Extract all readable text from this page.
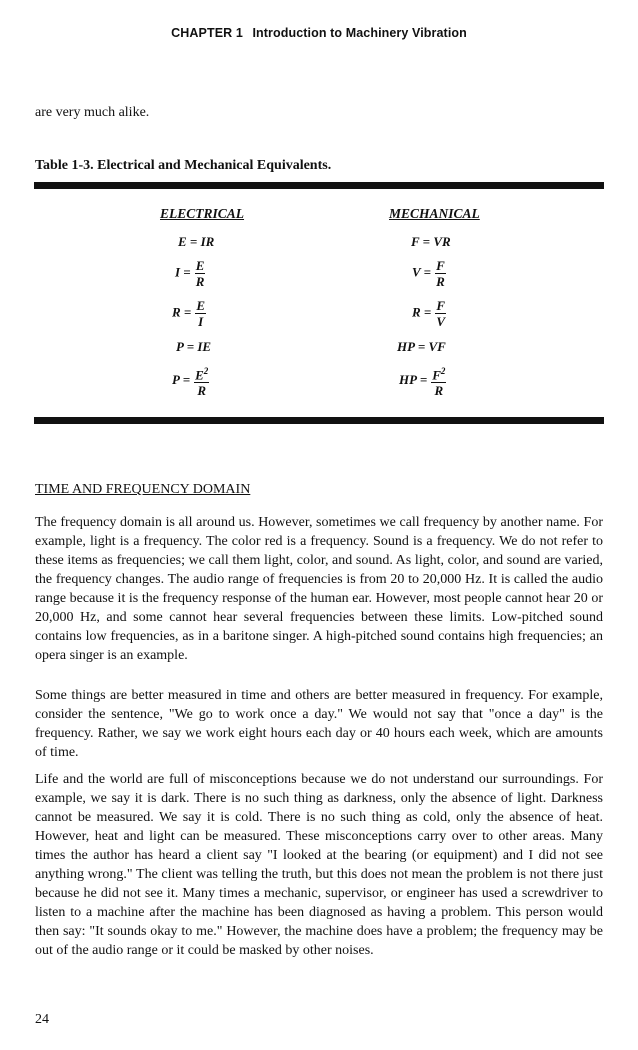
CHAPTER 1 Introduction to Machinery Vibration
are very much alike.
Table 1-3. Electrical and Mechanical Equivalents.
ELECTRICAL
E = IR
$I = \frac{E}{R}$
$R = \frac{E}{I}$
P = IE
$P = \frac{E^2}{R}$
MECHANICAL
F = VR
$V = \frac{F}{R}$
$R = \frac{F}{V}$
HP = VF
HP = $\frac{F^2}{R}$
TIME AND FREQUENCY DOMAIN
The frequency domain is all around us. However, sometimes we call frequency by another name. For example, light is a frequency. The color red is a frequency. Sound is a frequency. We do not refer to these items as frequencies; we call them light, color, and sound. As light, color, and sound are varied, the frequency changes. The audio range of frequencies is from 20 to 20,000 Hz. It is called the audio range because it is the frequency response of the human ear. However, most people cannot hear 20 or 20,000 Hz, and some cannot hear several frequencies between these limits. Low-pitched sound contains low frequencies, as in a baritone singer. A high-pitched sound contains high frequencies; an opera singer is an example.
Some things are better measured in time and others are better measured in frequency. For example, consider the sentence, "We go to work once a day." We would not say that "once a day" is the frequency. Rather, we say we work eight hours each day or 40 hours each week, which are amounts of time.
Life and the world are full of misconceptions because we do not understand our surroundings. For example, we say it is dark. There is no such thing as darkness, only the absence of light. Darkness cannot be measured. We say it is cold. There is no such thing as cold, only the absence of heat. However, heat and light can be measured. These misconceptions carry over to other areas. Many times the author has heard a client say "I looked at the bearing (or equipment) and I did not see anything wrong." The client was telling the truth, but this does not mean the problem is not there just because he did not see it. Many times a mechanic, supervisor, or engineer has used a screwdriver to listen to a machine after the machine has been diagnosed as having a problem. This person would then say: "It sounds okay to me." However, the machine does have a problem; the frequency may be out of the audio range or it could be masked by other noises.
24
